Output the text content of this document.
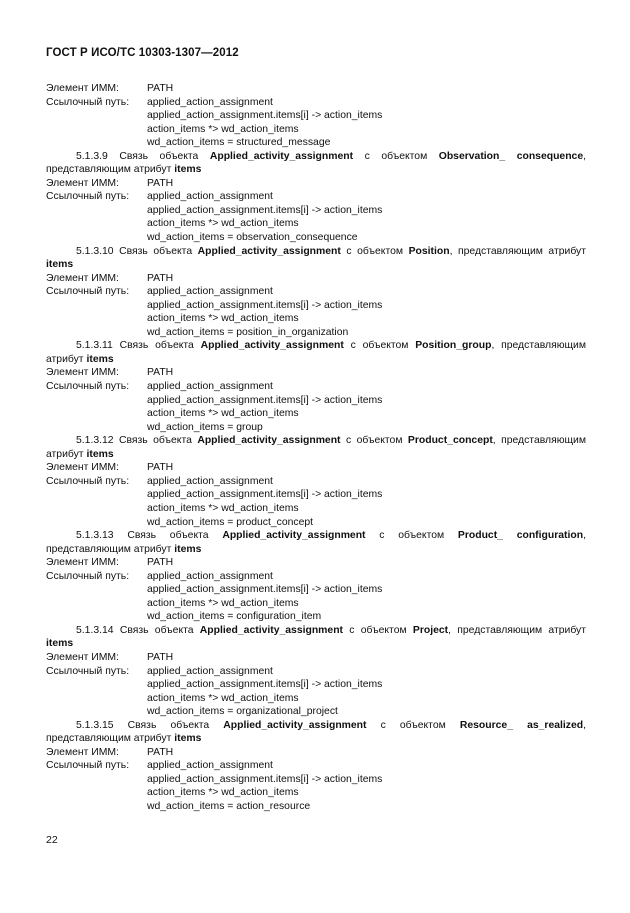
ГОСТ Р ИСО/ТС 10303-1307—2012
Элемент ИММ:	PATH
Ссылочный путь:	applied_action_assignment
applied_action_assignment.items[i] -> action_items
action_items *> wd_action_items
wd_action_items = structured_message
5.1.3.9 Связь объекта Applied_activity_assignment с объектом Observation_ consequence, представляющим атрибут items
Элемент ИММ:	PATH
Ссылочный путь:	applied_action_assignment
applied_action_assignment.items[i] -> action_items
action_items *> wd_action_items
wd_action_items = observation_consequence
5.1.3.10 Связь объекта Applied_activity_assignment с объектом Position, представляющим атрибут items
Элемент ИММ:	PATH
Ссылочный путь:	applied_action_assignment
applied_action_assignment.items[i] -> action_items
action_items *> wd_action_items
wd_action_items = position_in_organization
5.1.3.11 Связь объекта Applied_activity_assignment с объектом Position_group, представляющим атрибут items
Элемент ИММ:	PATH
Ссылочный путь:	applied_action_assignment
applied_action_assignment.items[i] -> action_items
action_items *> wd_action_items
wd_action_items = group
5.1.3.12 Связь объекта Applied_activity_assignment с объектом Product_concept, представляющим атрибут items
Элемент ИММ:	PATH
Ссылочный путь:	applied_action_assignment
applied_action_assignment.items[i] -> action_items
action_items *> wd_action_items
wd_action_items = product_concept
5.1.3.13 Связь объекта Applied_activity_assignment с объектом Product_ configuration, представляющим атрибут items
Элемент ИММ:	PATH
Ссылочный путь:	applied_action_assignment
applied_action_assignment.items[i] -> action_items
action_items *> wd_action_items
wd_action_items = configuration_item
5.1.3.14 Связь объекта Applied_activity_assignment с объектом Project, представляющим атрибут items
Элемент ИММ:	PATH
Ссылочный путь:	applied_action_assignment
applied_action_assignment.items[i] -> action_items
action_items *> wd_action_items
wd_action_items = organizational_project
5.1.3.15 Связь объекта Applied_activity_assignment с объектом Resource_ as_realized, представляющим атрибут items
Элемент ИММ:	PATH
Ссылочный путь:	applied_action_assignment
applied_action_assignment.items[i] -> action_items
action_items *> wd_action_items
wd_action_items = action_resource
22
